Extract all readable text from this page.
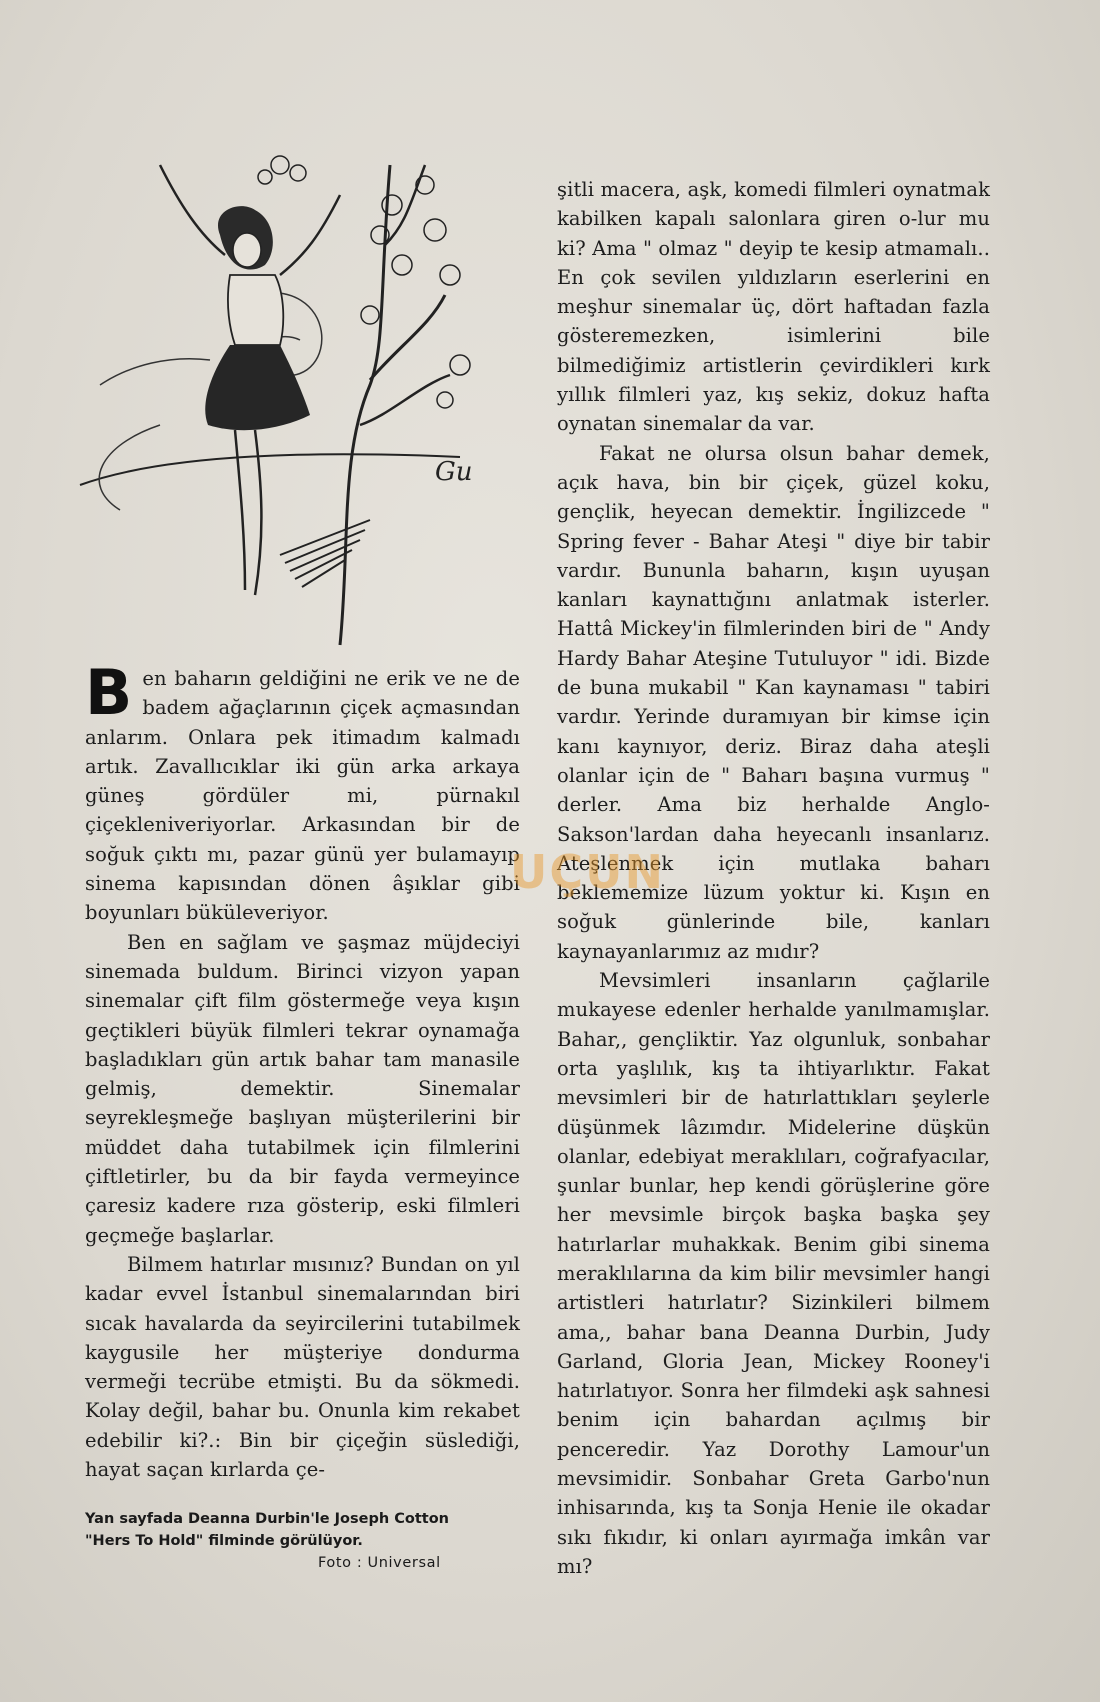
Gu

Ben baharın geldiğini ne erik ve ne de badem ağaçlarının çiçek açmasından anlarım. Onlara pek itimadım kalmadı artık. Zavallıcıklar iki gün arka arkaya güneş gördüler mi, pürnakıl çiçekleniveriyorlar. Arkasından bir de soğuk çıktı mı, pazar günü yer bulamayıp sinema kapısından dönen âşıklar gibi boyunları büküleveriyor.

Ben en sağlam ve şaşmaz müjdeciyi sinemada buldum. Birinci vizyon yapan sinemalar çift film göstermeğe veya kışın geçtikleri büyük filmleri tekrar oynamağa başladıkları gün artık bahar tam manasile gelmiş, demektir. Sinemalar seyrekleşmeğe başlıyan müşterilerini bir müddet daha tutabilmek için filmlerini çiftletirler, bu da bir fayda vermeyince çaresiz kadere rıza gösterip, eski filmleri geçmeğe başlarlar.

Bilmem hatırlar mısınız? Bundan on yıl kadar evvel İstanbul sinemalarından biri sıcak havalarda da seyircilerini tutabilmek kaygusile her müşteriye dondurma vermeği tecrübe etmişti. Bu da sökmedi. Kolay değil, bahar bu. Onunla kim rekabet edebilir ki?.: Bin bir çiçeğin süslediği, hayat saçan kırlarda çe-

şitli macera, aşk, komedi filmleri oynatmak kabilken kapalı salonlara giren o-lur mu ki? Ama " olmaz " deyip te kesip atmamalı.. En çok sevilen yıldızların eserlerini en meşhur sinemalar üç, dört haftadan fazla gösteremezken, isimlerini bile bilmediğimiz artistlerin çevirdikleri kırk yıllık filmleri yaz, kış sekiz, dokuz hafta oynatan sinemalar da var.

Fakat ne olursa olsun bahar demek, açık hava, bin bir çiçek, güzel koku, gençlik, heyecan demektir. İngilizcede " Spring fever - Bahar Ateşi " diye bir tabir vardır. Bununla baharın, kışın uyuşan kanları kaynattığını anlatmak isterler. Hattâ Mickey'in filmlerinden biri de " Andy Hardy Bahar Ateşine Tutuluyor " idi. Bizde de buna mukabil " Kan kaynaması " tabiri vardır. Yerinde duramıyan bir kimse için kanı kaynıyor, deriz. Biraz daha ateşli olanlar için de " Baharı başına vurmuş " derler. Ama biz herhalde Anglo-Sakson'lardan daha heyecanlı insanlarız. Ateşlenmek için mutlaka baharı beklememize lüzum yoktur ki. Kışın en soğuk günlerinde bile, kanları kaynayanlarımız az mıdır?

Mevsimleri insanların çağlarile mukayese edenler herhalde yanılmamışlar. Bahar,, gençliktir. Yaz olgunluk, sonbahar orta yaşlılık, kış ta ihtiyarlıktır. Fakat mevsimleri bir de hatırlattıkları şeylerle düşünmek lâzımdır. Midelerine düşkün olanlar, edebiyat meraklıları, coğrafyacılar, şunlar bunlar, hep kendi görüşlerine göre her mevsimle birçok başka başka şey hatırlarlar muhakkak. Benim gibi sinema meraklılarına da kim bilir mevsimler hangi artistleri hatırlatır? Sizinkileri bilmem ama,, bahar bana Deanna Durbin, Judy Garland, Gloria Jean, Mickey Rooney'i hatırlatıyor. Sonra her filmdeki aşk sahnesi benim için bahardan açılmış bir penceredir. Yaz Dorothy Lamour'un mevsimidir. Sonbahar Greta Garbo'nun inhisarında, kış ta Sonja Henie ile okadar sıkı fıkıdır, ki onları ayırmağa imkân var mı?

Yan sayfada Deanna Durbin'le Joseph Cotton "Hers To Hold" filminde görülüyor.
Foto : Universal
UÇUN
